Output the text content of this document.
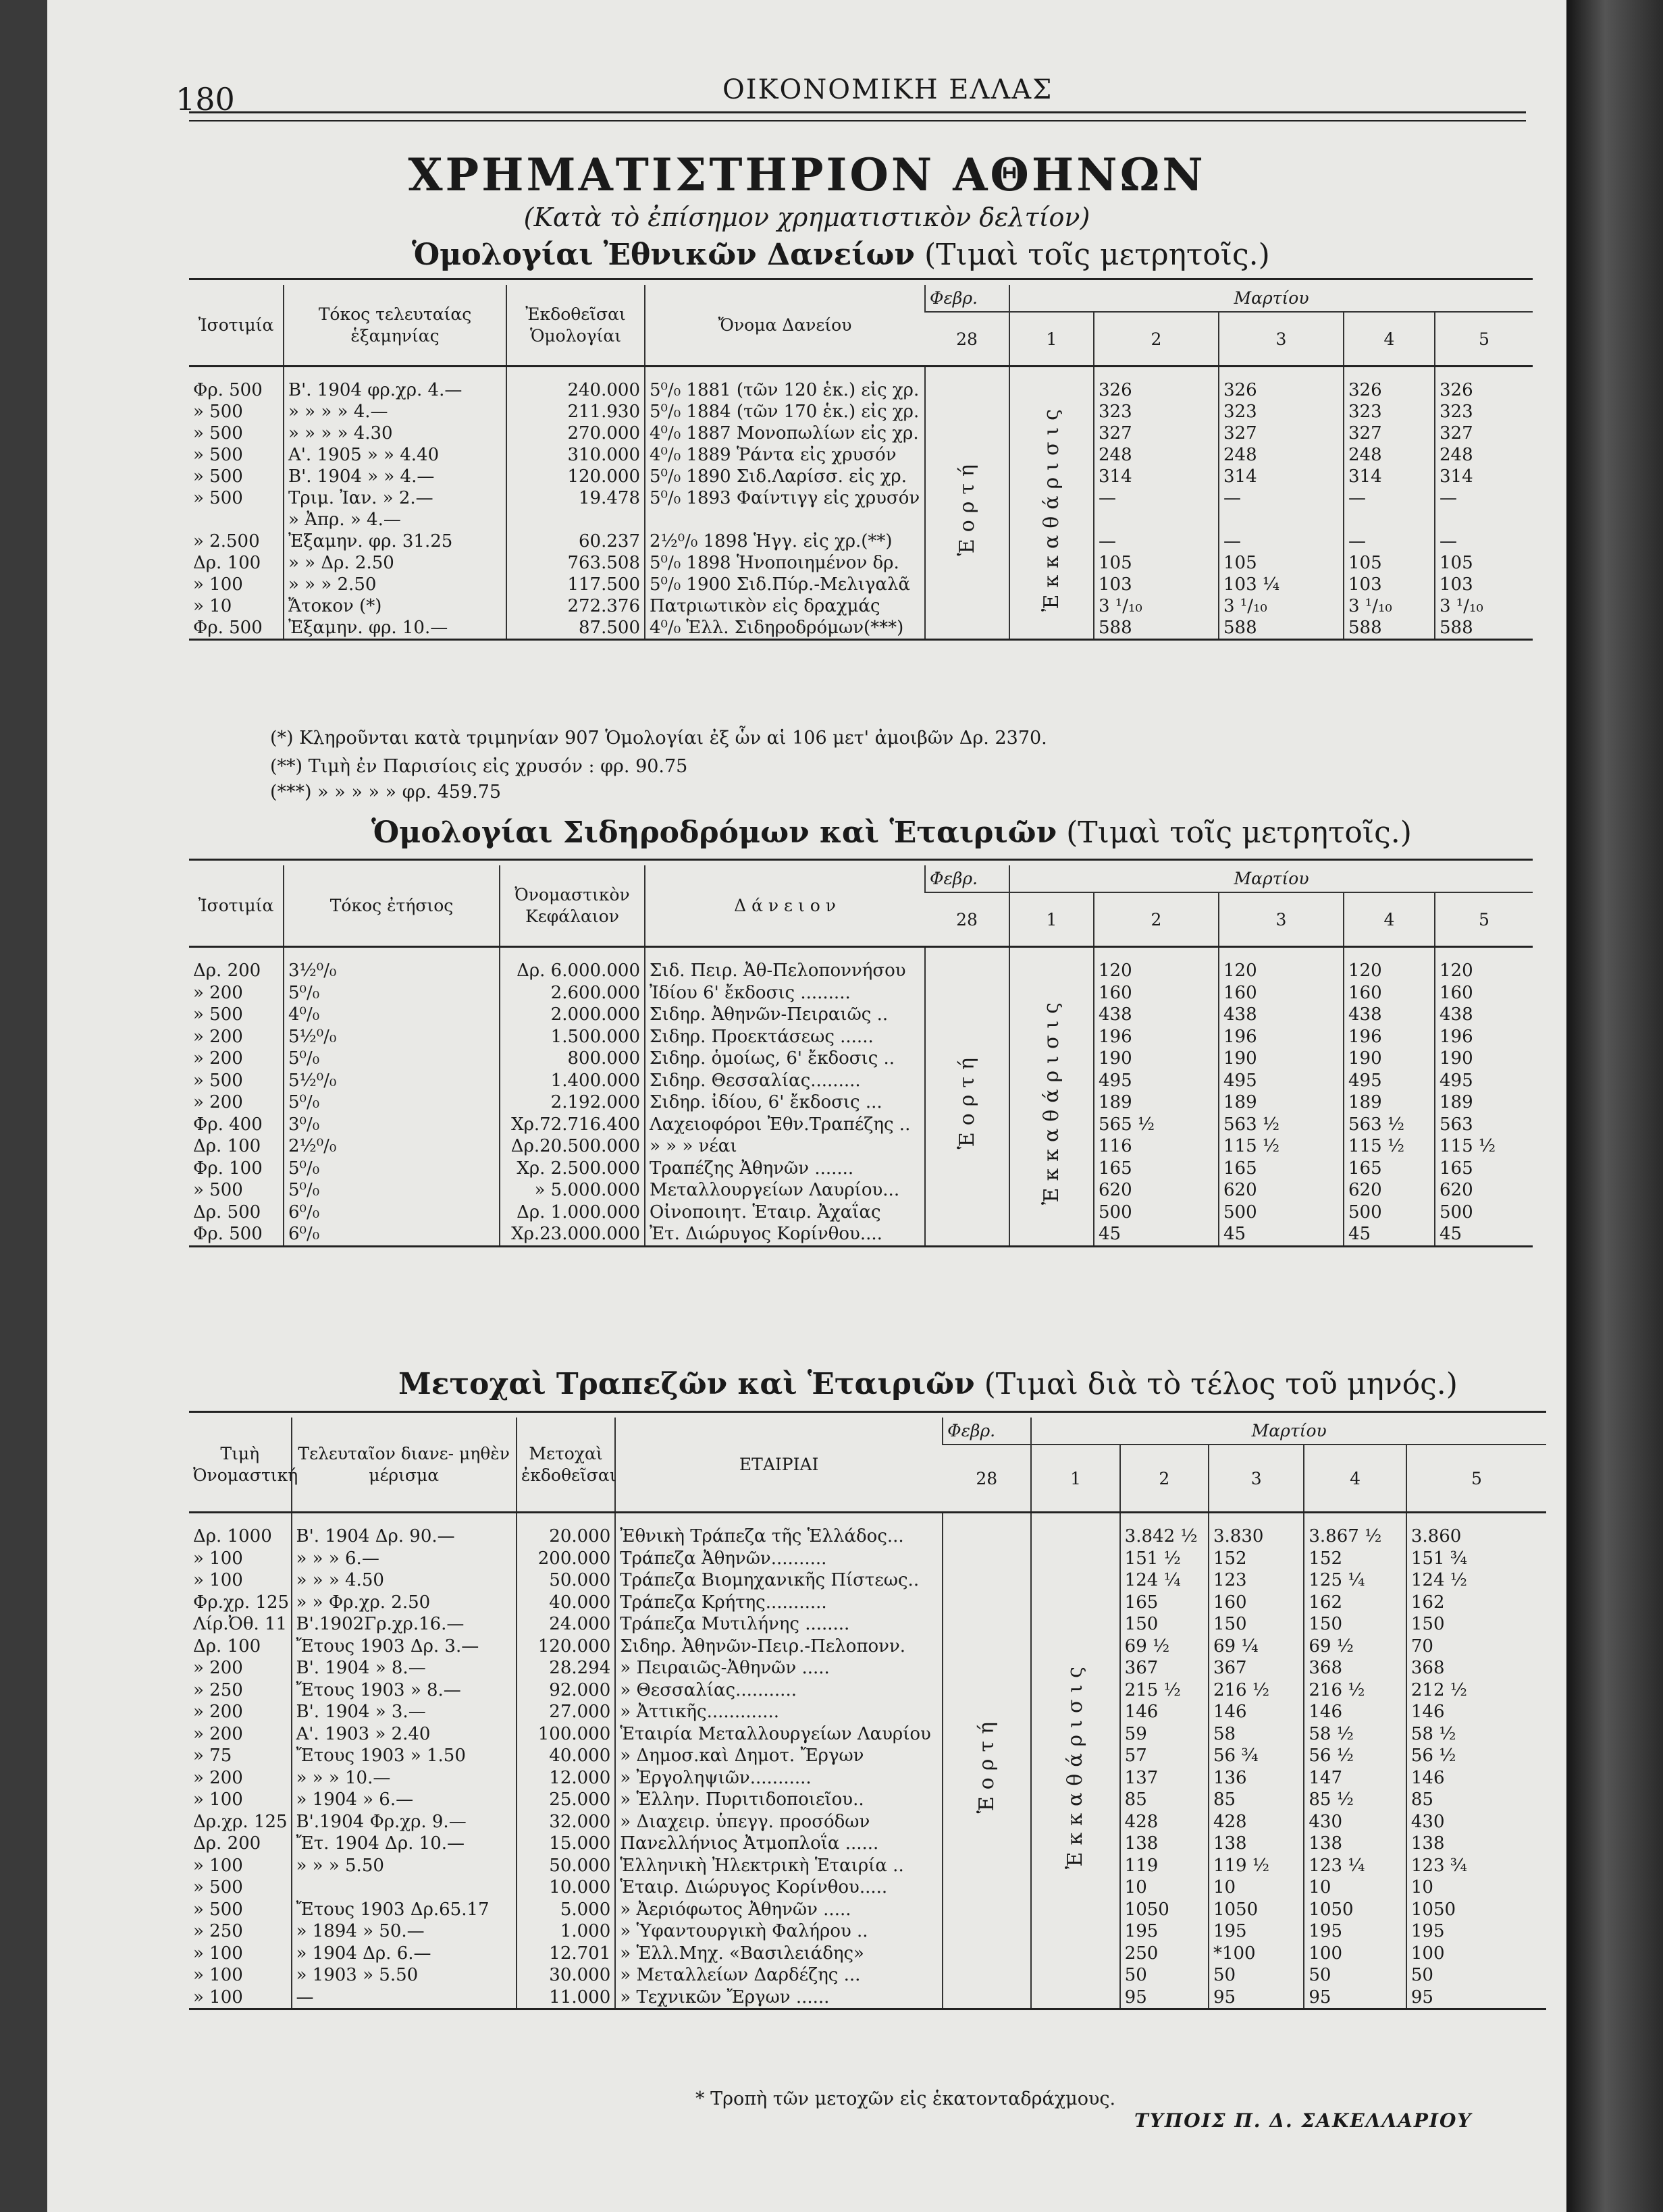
180	ΟΙΚΟΝΟΜΙΚΗ ΕΛΛΑΣ
ΧΡΗΜΑΤΙΣΤΗΡΙΟΝ ΑΘΗΝΩΝ
(Κατὰ τὸ ἐπίσημον χρηματιστικὸν δελτίον)
Ὁμολογίαι Ἐθνικῶν Δανείων (Τιμαὶ τοῖς μετρητοῖς.)
Ἰσοτιμία	Τόκος τελευταίας ἑξαμηνίας	Ἐκδοθεῖσαι Ὁμολογίαι	Ὄνομα Δανείου	Φεβρ.	Μαρτίου				
				28	1	2	3	4	5

Φρ. 500	Β'. 1904 φρ.χρ. 4.—	240.000	5⁰/₀ 1881 (τῶν 120 ἑκ.) εἰς χρ.	Ἑορτή	Ἐκκαθάρισις	326	326	326	326
» 500	» » » » 4.—	211.930	5⁰/₀ 1884 (τῶν 170 ἑκ.) εἰς χρ.			323	323	323	323
» 500	» » » » 4.30	270.000	4⁰/₀ 1887 Μονοπωλίων εἰς χρ.			327	327	327	327
» 500	Α'. 1905 » » 4.40	310.000	4⁰/₀ 1889 Ῥάντα εἰς χρυσόν			248	248	248	248
» 500	Β'. 1904 » » 4.—	120.000	5⁰/₀ 1890 Σιδ.Λαρίσσ. εἰς χρ.			314	314	314	314
» 500	Τριμ. Ἰαν. » 2.—	19.478	5⁰/₀ 1893 Φαίντιγγ εἰς χρυσόν			—	—	—	—
	» Ἀπρ. » 4.—								
» 2.500	Ἐξαμην. φρ. 31.25	60.237	2½⁰/₀ 1898 Ἡγγ. εἰς χρ.(**)			—	—	—	—
Δρ. 100	» » Δρ. 2.50	763.508	5⁰/₀ 1898 Ἡνοποιημένον δρ.			105	105	105	105
» 100	» » » 2.50	117.500	5⁰/₀ 1900 Σιδ.Πύρ.-Μελιγαλᾶ			103	103 ¼	103	103
» 10	Ἄτοκον (*)	272.376	Πατριωτικὸν εἰς δραχμάς			3 ¹/₁₀	3 ¹/₁₀	3 ¹/₁₀	3 ¹/₁₀
Φρ. 500	Ἐξαμην. φρ. 10.—	87.500	4⁰/₀ Ἑλλ. Σιδηροδρόμων(***)			588	588	588	588
(*) Κληροῦνται κατὰ τριμηνίαν 907 Ὁμολογίαι ἐξ ὧν αἱ 106 μετ' ἀμοιβῶν Δρ. 2370.
(**) Τιμὴ ἐν Παρισίοις εἰς χρυσόν : φρ. 90.75
(***) » » » » » φρ. 459.75
Ὁμολογίαι Σιδηροδρόμων καὶ Ἑταιριῶν (Τιμαὶ τοῖς μετρητοῖς.)
Ἰσοτιμία	Τόκος ἐτήσιος	Ὀνομαστικὸν Κεφάλαιον	Δ ά ν ε ι ο ν	Φεβρ.	Μαρτίου				
				28	1	2	3	4	5

Δρ. 200	3½⁰/₀	Δρ. 6.000.000	Σιδ. Πειρ. Ἀθ-Πελοποννήσου	Ἑορτή	Ἐκκαθάρισις	120	120	120	120
» 200	5⁰/₀	2.600.000	Ἰδίου 6' ἔκδοσις .........			160	160	160	160
» 500	4⁰/₀	2.000.000	Σιδηρ. Ἀθηνῶν-Πειραιῶς ..			438	438	438	438
» 200	5½⁰/₀	1.500.000	Σιδηρ. Προεκτάσεως ......			196	196	196	196
» 200	5⁰/₀	800.000	Σιδηρ. ὁμοίως, 6' ἔκδοσις ..			190	190	190	190
» 500	5½⁰/₀	1.400.000	Σιδηρ. Θεσσαλίας.........			495	495	495	495
» 200	5⁰/₀	2.192.000	Σιδηρ. ἰδίου, 6' ἔκδοσις ...			189	189	189	189
Φρ. 400	3⁰/₀	Χρ.72.716.400	Λαχειοφόροι Ἐθν.Τραπέζης ..			565 ½	563 ½	563 ½	563
Δρ. 100	2½⁰/₀	Δρ.20.500.000	» » » νέαι			116	115 ½	115 ½	115 ½
Φρ. 100	5⁰/₀	Χρ. 2.500.000	Τραπέζης Ἀθηνῶν .......			165	165	165	165
» 500	5⁰/₀	» 5.000.000	Μεταλλουργείων Λαυρίου...			620	620	620	620
Δρ. 500	6⁰/₀	Δρ. 1.000.000	Οἰνοποιητ. Ἑταιρ. Ἀχαΐας			500	500	500	500
Φρ. 500	6⁰/₀	Χρ.23.000.000	Ἐτ. Διώρυγος Κορίνθου....			45	45	45	45
Μετοχαὶ Τραπεζῶν καὶ Ἑταιριῶν (Τιμαὶ διὰ τὸ τέλος τοῦ μηνός.)
Τιμὴ Ὀνομαστική	Τελευταῖον διανε- μηθὲν μέρισμα	Μετοχαὶ ἐκδοθεῖσαι	ΕΤΑΙΡΙΑΙ	Φεβρ.	Μαρτίου				
				28	1	2	3	4	5

Δρ. 1000	Β'. 1904 Δρ. 90.—	20.000	Ἐθνικὴ Τράπεζα τῆς Ἑλλάδος...	Ἑορτή	Ἐκκαθάρισις	3.842 ½	3.830	3.867 ½	3.860
» 100	» » » 6.—	200.000	Τράπεζα Ἀθηνῶν..........			151 ½	152	152	151 ¾
» 100	» » » 4.50	50.000	Τράπεζα Βιομηχανικῆς Πίστεως..			124 ¼	123	125 ¼	124 ½
Φρ.χρ. 125	» » Φρ.χρ. 2.50	40.000	Τράπεζα Κρήτης...........			165	160	162	162
Λίρ.Ὀθ. 11	Β'.1902Γρ.χρ.16.—	24.000	Τράπεζα Μυτιλήνης ........			150	150	150	150
Δρ. 100	Ἔτους 1903 Δρ. 3.—	120.000	Σιδηρ. Ἀθηνῶν-Πειρ.-Πελοπονν.			69 ½	69 ¼	69 ½	70
» 200	Β'. 1904 » 8.—	28.294	» Πειραιῶς-Ἀθηνῶν .....			367	367	368	368
» 250	Ἔτους 1903 » 8.—	92.000	» Θεσσαλίας...........			215 ½	216 ½	216 ½	212 ½
» 200	Β'. 1904 » 3.—	27.000	» Ἀττικῆς.............			146	146	146	146
» 200	Α'. 1903 » 2.40	100.000	Ἑταιρία Μεταλλουργείων Λαυρίου			59	58	58 ½	58 ½
» 75	Ἔτους 1903 » 1.50	40.000	» Δημοσ.καὶ Δημοτ. Ἔργων			57	56 ¾	56 ½	56 ½
» 200	» » » 10.—	12.000	» Ἐργοληψιῶν...........			137	136	147	146
» 100	» 1904 » 6.—	25.000	» Ἑλλην. Πυριτιδοποιεῖου..			85	85	85 ½	85
Δρ.χρ. 125	Β'.1904 Φρ.χρ. 9.—	32.000	» Διαχειρ. ὑπεγγ. προσόδων			428	428	430	430
Δρ. 200	Ἔτ. 1904 Δρ. 10.—	15.000	Πανελλήνιος Ἀτμοπλοΐα ......			138	138	138	138
» 100	» » » 5.50	50.000	Ἑλληνικὴ Ἠλεκτρικὴ Ἑταιρία ..			119	119 ½	123 ¼	123 ¾
» 500		10.000	Ἑταιρ. Διώρυγος Κορίνθου.....			10	10	10	10
» 500	Ἔτους 1903 Δρ.65.17	5.000	» Ἀεριόφωτος Ἀθηνῶν .....			1050	1050	1050	1050
» 250	» 1894 » 50.—	1.000	» Ὑφαντουργικὴ Φαλήρου ..			195	195	195	195
» 100	» 1904 Δρ. 6.—	12.701	» Ἑλλ.Μηχ. «Βασιλειάδης»			250	*100	100	100
» 100	» 1903 » 5.50	30.000	» Μεταλλείων Δαρδέζης ...			50	50	50	50
» 100	—	11.000	» Τεχνικῶν Ἔργων ......			95	95	95	95
* Τροπὴ τῶν μετοχῶν εἰς ἑκατονταδράχμους.
ΤΥΠΟΙΣ Π. Δ. ΣΑΚΕΛΛΑΡΙΟΥ
